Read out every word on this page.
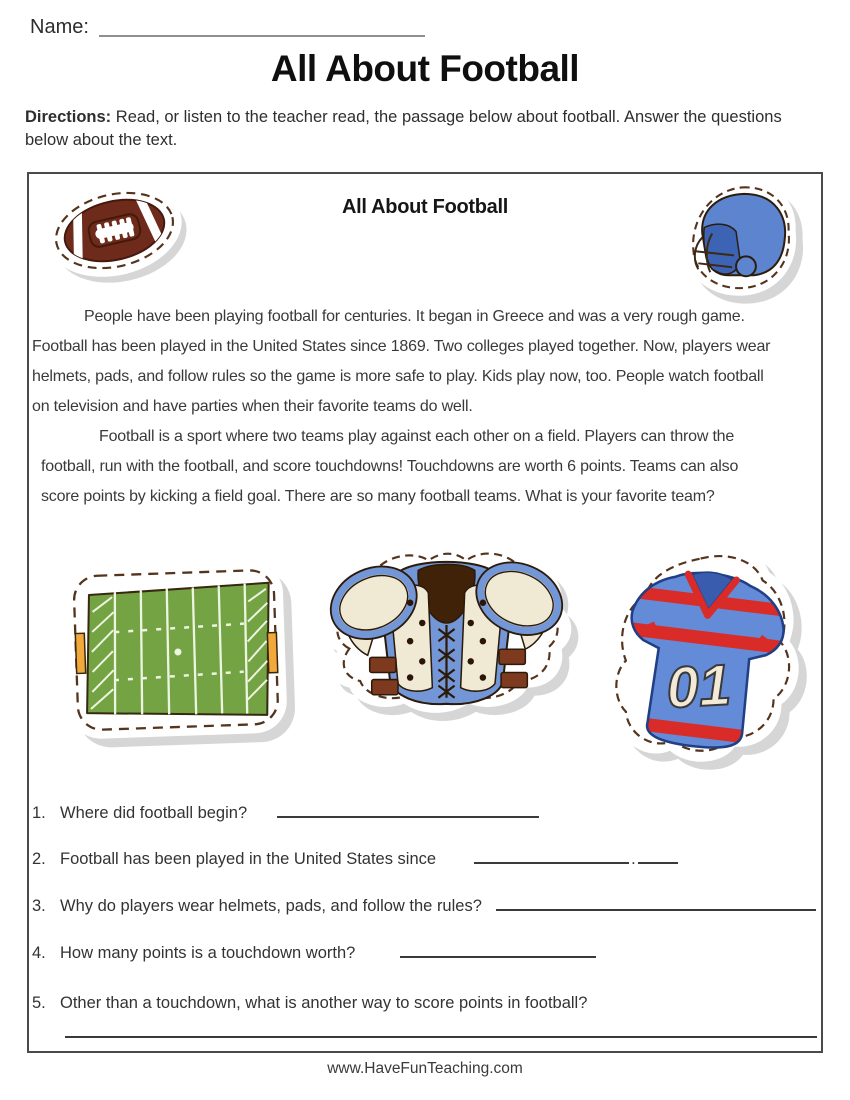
Name:
All About Football
Directions: Read, or listen to the teacher read, the passage below about football. Answer the questions
below about the text.
All About Football
People have been playing football for centuries. It began in Greece and was a very rough game.
Football has been played in the United States since 1869. Two colleges played together. Now, players wear
helmets, pads, and follow rules so the game is more safe to play. Kids play now, too. People watch football
on television and have parties when their favorite teams do well.
Football is a sport where two teams play against each other on a field. Players can throw the
football, run with the football, and score touchdowns! Touchdowns are worth 6 points. Teams can also
score points by kicking a field goal. There are so many football teams. What is your favorite team?
01
1. Where did football begin?
2. Football has been played in the United States since	.
3. Why do players wear helmets, pads, and follow the rules?
4. How many points is a touchdown worth?
5. Other than a touchdown, what is another way to score points in football?
www.HaveFunTeaching.com
